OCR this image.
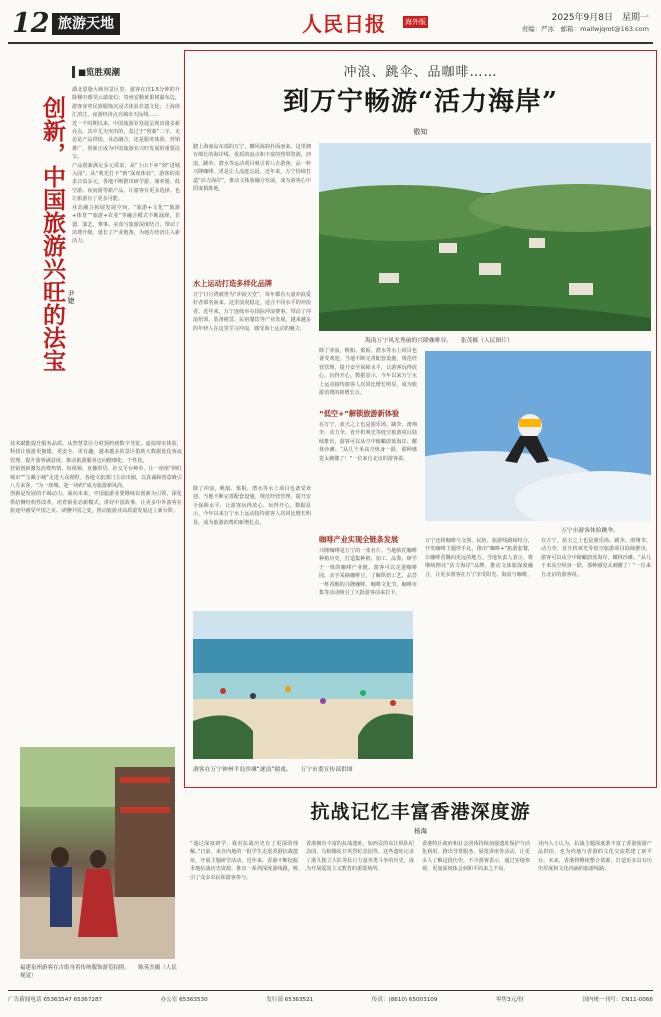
12 旅游天地	人民日报	海外版	2025年9月8日　星期一
责编：严冰　邮箱：mailwjqmt@163.com
■览胜观潮
创新，中国旅游兴旺的法宝 尹婕

湖北恩施大峡谷景区里，游客在仅1.5分钟的升降梯中感受云端变幻；贵州安顺黄果树瀑布边，游客身穿民族服饰沉浸式体验非遗文化；上海徐汇滨江，夜游经济点亮城市天际线……

近一个时期以来，中国旅游业发展呈现出诸多新亮点，其中尤为突出的，莫过于“创新”二字。无论是产品供给、业态融合，还是服务体验、营销推广，创新正成为中国旅游业兴旺发展的重要法宝。

产品创新满足多元需求。从“上山下乡”到“进城入园”，从“观光打卡”到“深度体验”，游客的需求日益多元。各地不断推出研学游、康养游、低空游、夜间游等新产品，让游客有更多选择，也让旅游有了更多可能。

业态融合拓展发展空间。“旅游+文化”“旅游+体育”“旅游+农业”等融合模式不断涌现，非遗、演艺、赛事、美食与旅游深度结合，带动了消费升级，延长了产业链条，为地方经济注入新活力。

技术赋能提升服务品质。从智慧景区分时预约到数字导览、虚拟现实体验，科技让旅游更便捷、更安全、更有趣。越来越多的景区借助大数据优化客流管理，提升游客满意度，推动旅游服务迈向精细化、个性化。

营销创新激发消费热情。短视频、直播带货、社交平台种草，让一座座“网红城市”“宝藏小城”走进大众视野。各地文旅部门主动出圈，以真诚和创意吸引八方来客，“为一座城，赴一场约”成为旅游新风尚。

创新是发展的不竭动力。面向未来，中国旅游业要继续以创新为引领，深化供给侧结构性改革，培育新业态新模式，讲好中国故事，让更多中外游客在旅途中感受中国之美、读懂中国之变，推动旅游业高质量发展迈上新台阶。

福建泉州游客在古街身着传统服饰游览拍照。　　陈英杰摄（人民视觉）
冲浪、跳伞、品咖啡……
到万宁畅游“活力海岸”
敬知
踏上海南岛东部的万宁，椰风海韵扑面而来。这里拥有绵长的海岸线、优质的浪点和丰富的热带资源，冲浪、跳伞、潜水等运动项目吸引着八方游客，品一杯兴隆咖啡，更是让人流连忘返。近年来，万宁持续打造“活力海岸”，推动文体旅融合发展，成为游客心中的度假胜地。
海南万宁风光秀丽的兴隆咖啡谷。　　张茂摄（人民图片）
水上运动打造多样化品牌
万宁日月湾被誉为“冲浪天堂”，每年都有大量冲浪爱好者慕名而来。这里浪况稳定，适合不同水平的冲浪者。近年来，万宁连续举办国际冲浪赛事，带动了冲浪培训、装备租赁、民宿餐饮等产业发展。越来越多的年轻人在这里学习冲浪，感受海上运动的魅力。
除了冲浪，帆船、桨板、潜水等水上项目也备受欢迎。当地不断完善配套设施，规范经营管理，提升安全保障水平，让游客玩得放心、玩得开心。数据显示，今年以来万宁水上运动接待游客人次同比增长明显，成为旅游消费的新增长点。
除了冲浪，帆船、桨板、潜水等水上项目也备受欢迎。当地不断完善配套设施，规范经营管理，提升安全保障水平，让游客玩得放心、玩得开心。数据显示，今年以来万宁水上运动接待游客人次同比增长明显，成为旅游消费的新增长点。
“低空+”解锁旅游新体验
在万宁，蓝天之上也是游乐场。跳伞、滑翔伞、动力伞、直升机观光等低空旅游项目陆续推出，游客可以从空中俯瞰蔚蓝海岸、椰林沙滩。“从几千米高空纵身一跃，那种感觉太刺激了！”一位来自北京的游客说。
万宁市游客体验跳伞。
咖啡产业实现全链条发展
兴隆咖啡是万宁的一张名片。当地依托咖啡种植历史，打造集种植、加工、品鉴、研学于一体的咖啡产业链。游客可以走进咖啡园，亲手采摘咖啡豆，了解烘焙工艺，品尝一杯香醇的兴隆咖啡。咖啡文化节、咖啡市集等活动吸引了大批游客前来打卡。
万宁还将咖啡与文创、民宿、旅游线路相结合，开发咖啡主题伴手礼，推出“咖啡+”旅游套餐，让咖啡香飘向更远的地方。当地负责人表示，将继续擦亮“活力海岸”品牌，推动文体旅深度融合，让更多游客在万宁享受阳光、海浪与咖啡。
在万宁，蓝天之上也是游乐场。跳伞、滑翔伞、动力伞、直升机观光等低空旅游项目陆续推出，游客可以从空中俯瞰蔚蓝海岸、椰林沙滩。“从几千米高空纵身一跃，那种感觉太刺激了！”一位来自北京的游客说。
游客在万宁神州半岛沙滩“逐浪”嬉戏。　　万宁市委宣传部供图
抗战记忆丰富香港深度游
杨海
“通过深度研学，我对抗战历史有了更深的理解。”日前，来自内地的一批学生走进香港抗战遗址，开展主题研学活动。近年来，香港不断挖掘本地抗战历史资源，推出一系列深度游线路，吸引了众多市民和游客参与。
香港拥有丰富的抗战遗址，如西贡的东江纵队纪念园、乌蛟腾抗日英烈纪念园等。这些遗址记录了港九独立大队等抗日力量英勇斗争的历史，成为开展爱国主义教育的重要场所。
香港特区政府和社会团体持续加强遗址保护与活化利用，推出导赏服务、展览讲座等活动，让更多人了解这段历史。不少游客表示，通过实地参观，更加深刻体会到和平的来之不易。
业内人士认为，抗战主题深度游丰富了香港旅游产品供给，也为内地与香港的文化交流搭建了新平台。未来，香港将继续整合资源，打造更多具有历史厚度和文化内涵的旅游线路。
广告新闻电话 65363547 65367287	办公室 65363530	发行部 65363521	传真：(8610) 65003109	零售3元/份	国内统一刊号：CN11-0066
